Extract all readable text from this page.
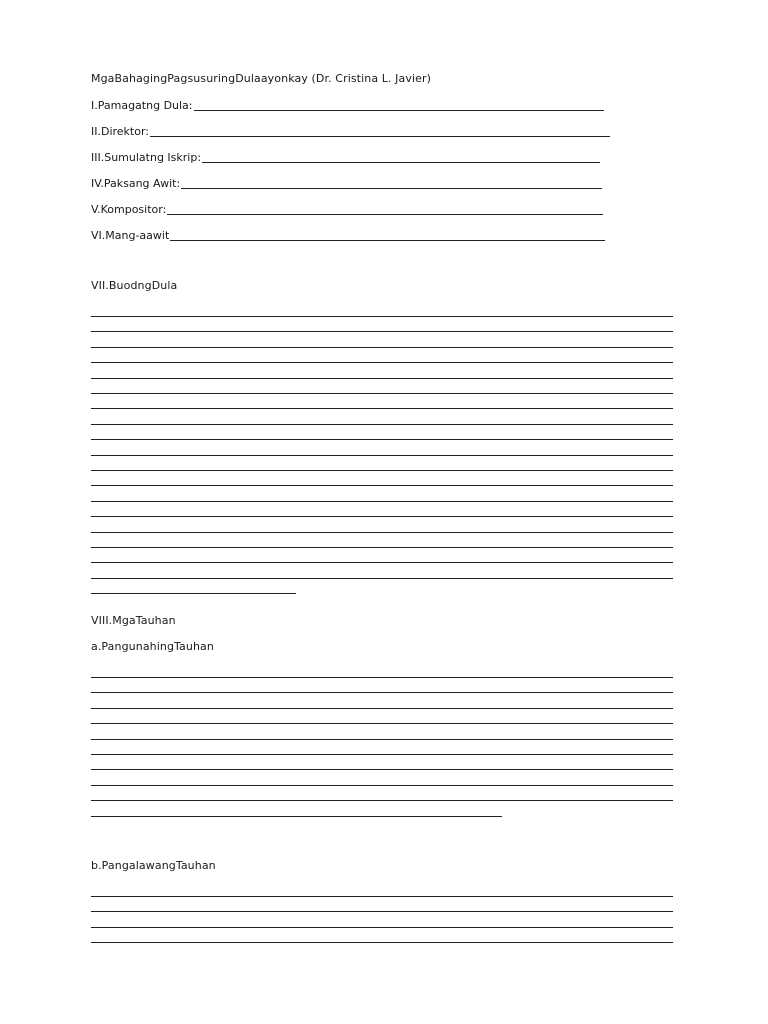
MgaBahagingPagsusuringDulaayonkay (Dr. Cristina L. Javier)
I.Pamagatng Dula:
II.Direktor:
III.Sumulatng Iskrip:
IV.Paksang Awit:
V.Kompositor:
VI.Mang-aawit
VII.BuodngDula
VIII.MgaTauhan
a.PangunahingTauhan
b.PangalawangTauhan
